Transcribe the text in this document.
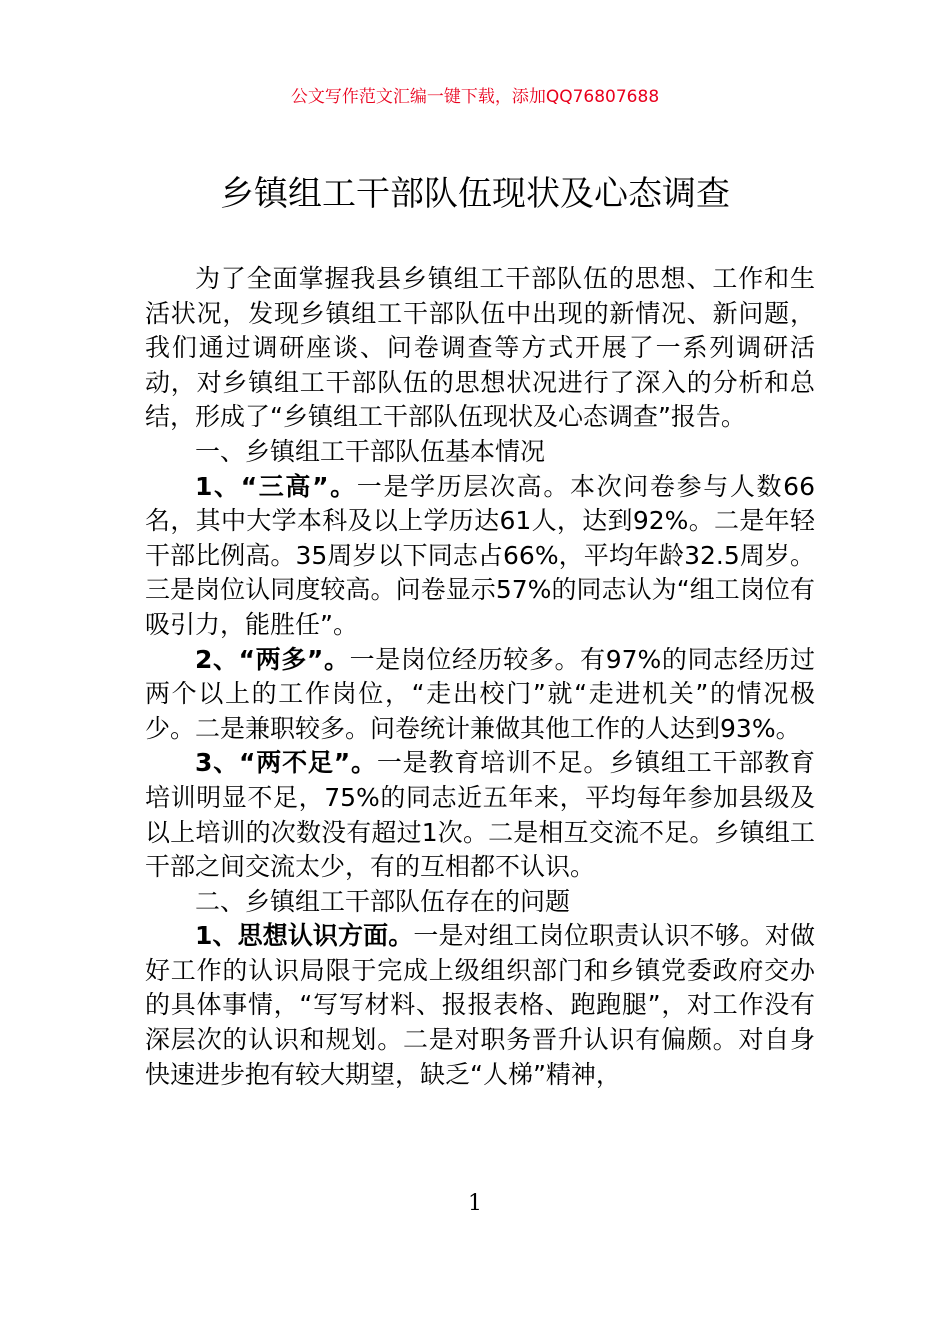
公文写作范文汇编一键下载，添加QQ76807688
乡镇组工干部队伍现状及心态调查

为了全面掌握我县乡镇组工干部队伍的思想、工作和生活状况，发现乡镇组工干部队伍中出现的新情况、新问题，我们通过调研座谈、问卷调查等方式开展了一系列调研活动，对乡镇组工干部队伍的思想状况进行了深入的分析和总结，形成了“乡镇组工干部队伍现状及心态调查”报告。

一、乡镇组工干部队伍基本情况

1、“三高”。一是学历层次高。本次问卷参与人数66名，其中大学本科及以上学历达61人，达到92%。二是年轻干部比例高。35周岁以下同志占66%，平均年龄32.5周岁。三是岗位认同度较高。问卷显示57%的同志认为“组工岗位有吸引力，能胜任”。

2、“两多”。一是岗位经历较多。有97%的同志经历过两个以上的工作岗位，“走出校门”就“走进机关”的情况极少。二是兼职较多。问卷统计兼做其他工作的人达到93%。

3、“两不足”。一是教育培训不足。乡镇组工干部教育培训明显不足，75%的同志近五年来，平均每年参加县级及以上培训的次数没有超过1次。二是相互交流不足。乡镇组工干部之间交流太少，有的互相都不认识。

二、乡镇组工干部队伍存在的问题

1、思想认识方面。一是对组工岗位职责认识不够。对做好工作的认识局限于完成上级组织部门和乡镇党委政府交办的具体事情，“写写材料、报报表格、跑跑腿”，对工作没有深层次的认识和规划。二是对职务晋升认识有偏颇。对自身快速进步抱有较大期望，缺乏“人梯”精神，

1
